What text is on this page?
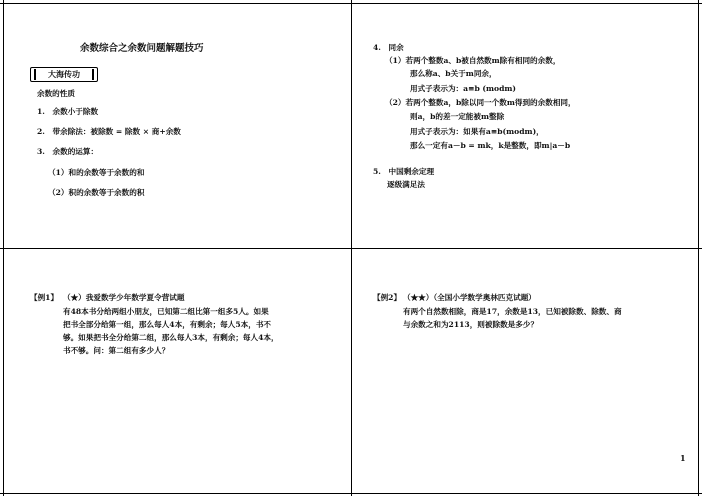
余数综合之余数问题解题技巧
大海传功
余数的性质
1.　余数小于除数
2.　带余除法：被除数 = 除数 × 商+余数
3.　余数的运算：
（1）和的余数等于余数的和
（2）积的余数等于余数的积
4.　同余
（1）若两个整数a、b被自然数m除有相同的余数，
那么称a、b关于m同余，
用式子表示为：a≡b (modm)
（2）若两个整数a，b除以同一个数m得到的余数相同，
则a，b的差一定能被m整除
用式子表示为：如果有a≡b(modm)，
那么一定有a－b = mk，k是整数，即m|a－b
5.　中国剩余定理
逐级满足法
【例1】 （★）我爱数学少年数学夏令营试题
有48本书分给两组小朋友，已知第二组比第一组多5人。如果
把书全部分给第一组，那么每人4本，有剩余；每人5本，书不
够。如果把书全分给第二组，那么每人3本，有剩余；每人4本，
书不够。问：第二组有多少人？
【例2】 （★★）（全国小学数学奥林匹克试题）
有两个自然数相除，商是17，余数是13，已知被除数、除数、商
与余数之和为2113，则被除数是多少？
1
